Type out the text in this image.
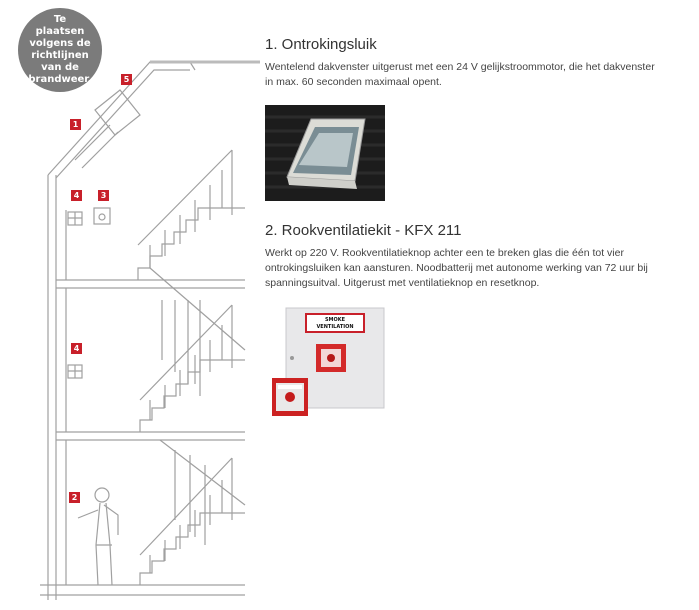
Te plaatsen
volgens de
richtlijnen
van de
brandweer.
1
2
3
4
4
5
1. Ontrokingsluik

Wentelend dakvenster uitgerust met een 24 V gelijkstroommotor, die het dakvenster in max. 60 seconden maximaal opent.

2. Rookventilatiekit - KFX 211

Werkt op 220 V. Rookventilatieknop achter een te breken glas die één tot vier ontrokingsluiken kan aansturen. Noodbatterij met autonome werking van 72 uur bij spanningsuitval. Uitgerust met ventilatieknop en resetknop.

SMOKE
VENTILATION
